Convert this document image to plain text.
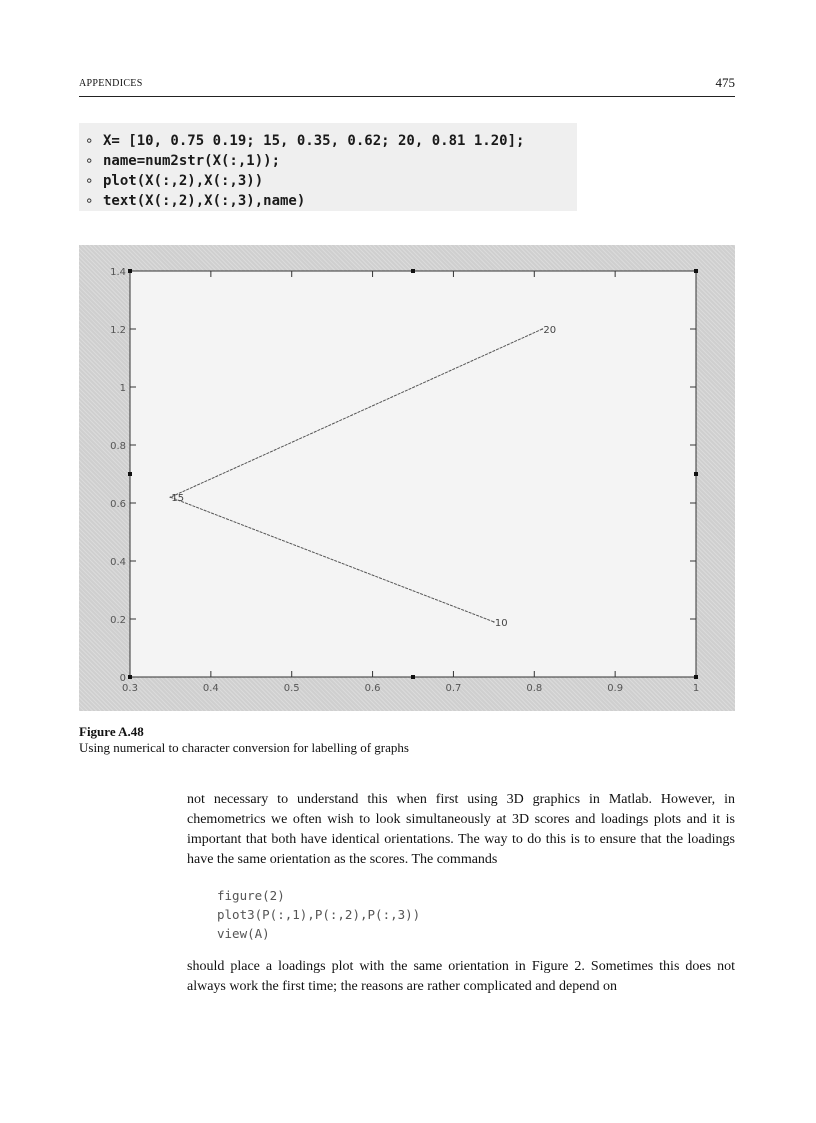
APPENDICES	475
∘ X= [10, 0.75 0.19; 15, 0.35, 0.62; 20, 0.81 1.20];
∘ name=num2str(X(:,1));
∘ plot(X(:,2),X(:,3))
∘ text(X(:,2),X(:,3),name)
0
0.2
0.4
0.6
0.8
1
1.2
1.4
0.3	0.4	0.5	0.6	0.7	0.8	0.9	1
10
15
20
Figure A.48
Using numerical to character conversion for labelling of graphs

not necessary to understand this when first using 3D graphics in Matlab. However, in chemometrics we often wish to look simultaneously at 3D scores and loadings plots and it is important that both have identical orientations. The way to do this is to ensure that the loadings have the same orientation as the scores. The commands

figure(2)
plot3(P(:,1),P(:,2),P(:,3))
view(A)

should place a loadings plot with the same orientation in Figure 2. Sometimes this does not always work the first time; the reasons are rather complicated and depend on
